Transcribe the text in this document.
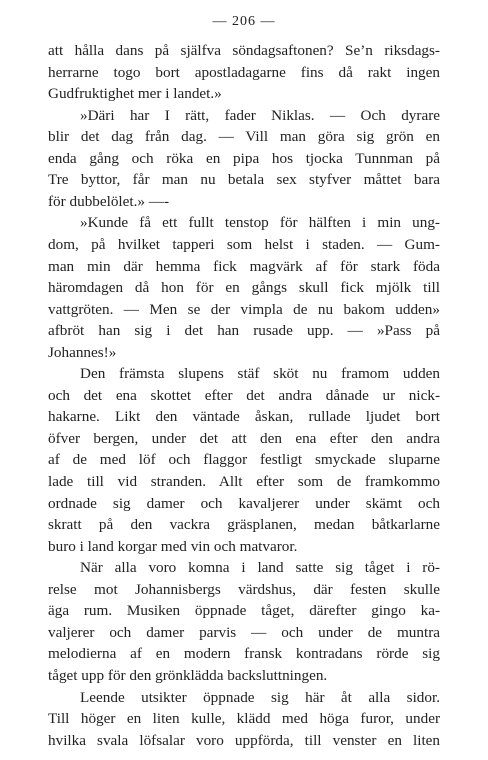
— 206 —
att hålla dans på själfva söndagsaftonen? Se’n riksdags-
herrarne togo bort apostladagarne fins då rakt ingen
Gudfruktighet mer i landet.»
»Däri har I rätt, fader Niklas. — Och dyrare
blir det dag från dag. — Vill man göra sig grön en
enda gång och röka en pipa hos tjocka Tunnman på
Tre byttor, får man nu betala sex styfver måttet bara
för dubbelölet.» —-
»Kunde få ett fullt tenstop för hälften i min ung-
dom, på hvilket tapperi som helst i staden. — Gum-
man min där hemma fick magvärk af för stark föda
häromdagen då hon för en gångs skull fick mjölk till
vattgröten. — Men se der vimpla de nu bakom udden»
afbröt han sig i det han rusade upp. — »Pass på
Johannes!»
Den främsta slupens stäf sköt nu framom udden
och det ena skottet efter det andra dånade ur nick-
hakarne. Likt den väntade åskan, rullade ljudet bort
öfver bergen, under det att den ena efter den andra
af de med löf och flaggor festligt smyckade sluparne
lade till vid stranden. Allt efter som de framkommo
ordnade sig damer och kavaljerer under skämt och
skratt på den vackra gräsplanen, medan båtkarlarne
buro i land korgar med vin och matvaror.
När alla voro komna i land satte sig tåget i rö-
relse mot Johannisbergs värdshus, där festen skulle
äga rum. Musiken öppnade tåget, därefter gingo ka-
valjerer och damer parvis — och under de muntra
melodierna af en modern fransk kontradans rörde sig
tåget upp för den grönklädda backsluttningen.
Leende utsikter öppnade sig här åt alla sidor.
Till höger en liten kulle, klädd med höga furor, under
hvilka svala löfsalar voro uppförda, till venster en liten
